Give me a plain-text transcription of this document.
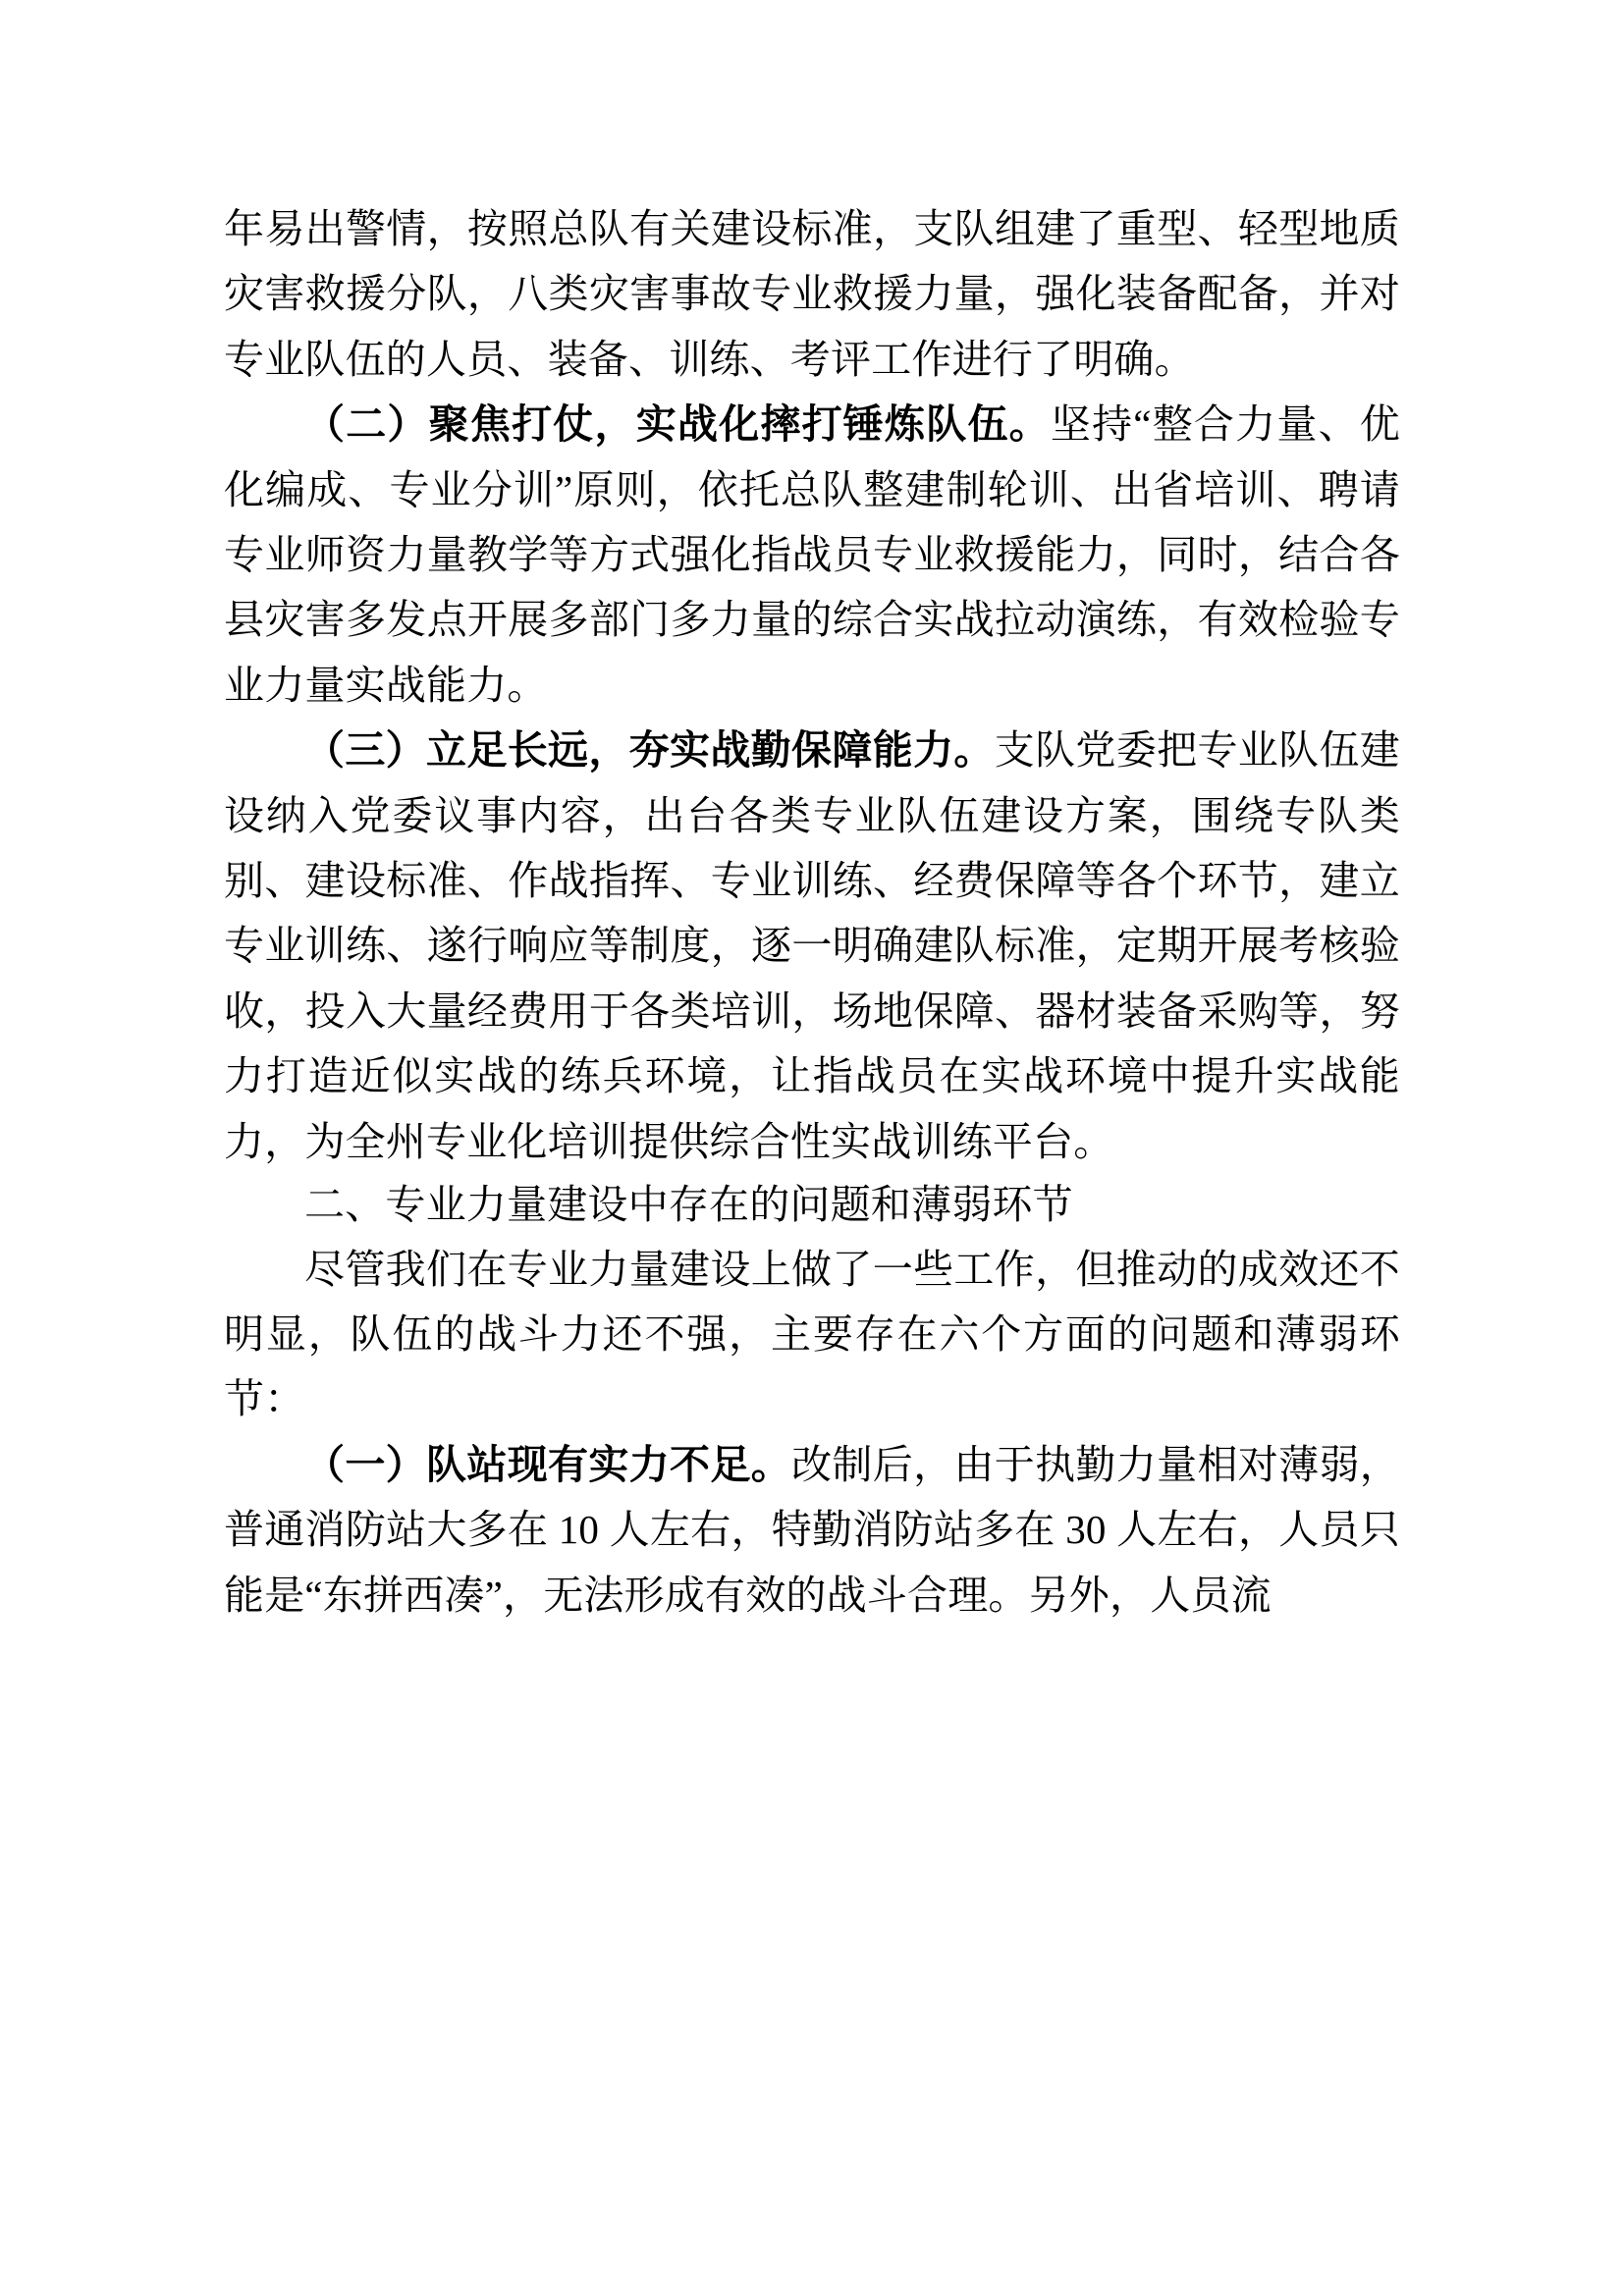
年易出警情，按照总队有关建设标准，支队组建了重型、轻型地质灾害救援分队，八类灾害事故专业救援力量，强化装备配备，并对专业队伍的人员、装备、训练、考评工作进行了明确。

（二）聚焦打仗，实战化摔打锤炼队伍。坚持“整合力量、优化编成、专业分训”原则，依托总队整建制轮训、出省培训、聘请专业师资力量教学等方式强化指战员专业救援能力，同时，结合各县灾害多发点开展多部门多力量的综合实战拉动演练，有效检验专业力量实战能力。

（三）立足长远，夯实战勤保障能力。支队党委把专业队伍建设纳入党委议事内容，出台各类专业队伍建设方案，围绕专队类别、建设标准、作战指挥、专业训练、经费保障等各个环节，建立专业训练、遂行响应等制度，逐一明确建队标准，定期开展考核验收，投入大量经费用于各类培训，场地保障、器材装备采购等，努力打造近似实战的练兵环境，让指战员在实战环境中提升实战能力，为全州专业化培训提供综合性实战训练平台。

二、专业力量建设中存在的问题和薄弱环节

尽管我们在专业力量建设上做了一些工作，但推动的成效还不明显，队伍的战斗力还不强，主要存在六个方面的问题和薄弱环节：

（一）队站现有实力不足。改制后，由于执勤力量相对薄弱，普通消防站大多在 10 人左右，特勤消防站多在 30 人左右，人员只能是“东拼西凑”，无法形成有效的战斗合理。另外，人员流
